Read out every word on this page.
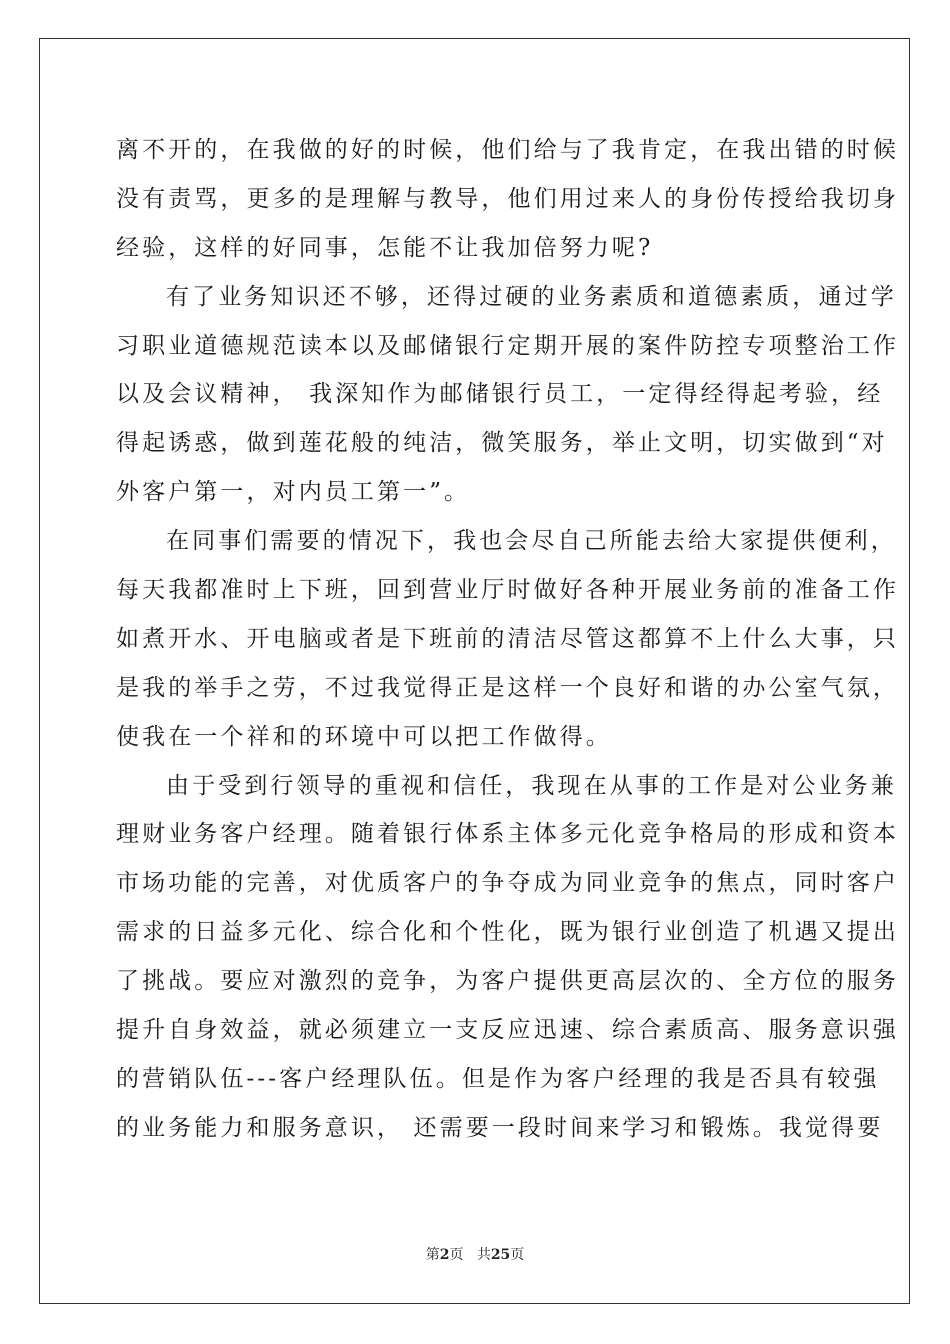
离不开的，在我做的好的时候，他们给与了我肯定，在我出错的时候
没有责骂，更多的是理解与教导，他们用过来人的身份传授给我切身
经验，这样的好同事，怎能不让我加倍努力呢?
有了业务知识还不够，还得过硬的业务素质和道德素质，通过学
习职业道德规范读本以及邮储银行定期开展的案件防控专项整治工作
以及会议精神， 我深知作为邮储银行员工，一定得经得起考验，经
得起诱惑，做到莲花般的纯洁，微笑服务，举止文明，切实做到“对
外客户第一，对内员工第一”。
在同事们需要的情况下，我也会尽自己所能去给大家提供便利，
每天我都准时上下班，回到营业厅时做好各种开展业务前的准备工作
如煮开水、开电脑或者是下班前的清洁尽管这都算不上什么大事，只
是我的举手之劳，不过我觉得正是这样一个良好和谐的办公室气氛，
使我在一个祥和的环境中可以把工作做得。
由于受到行领导的重视和信任，我现在从事的工作是对公业务兼
理财业务客户经理。随着银行体系主体多元化竞争格局的形成和资本
市场功能的完善，对优质客户的争夺成为同业竞争的焦点，同时客户
需求的日益多元化、综合化和个性化，既为银行业创造了机遇又提出
了挑战。要应对激烈的竞争，为客户提供更高层次的、全方位的服务
提升自身效益，就必须建立一支反应迅速、综合素质高、服务意识强
的营销队伍---客户经理队伍。但是作为客户经理的我是否具有较强
的业务能力和服务意识， 还需要一段时间来学习和锻炼。我觉得要
第2页 共25页
